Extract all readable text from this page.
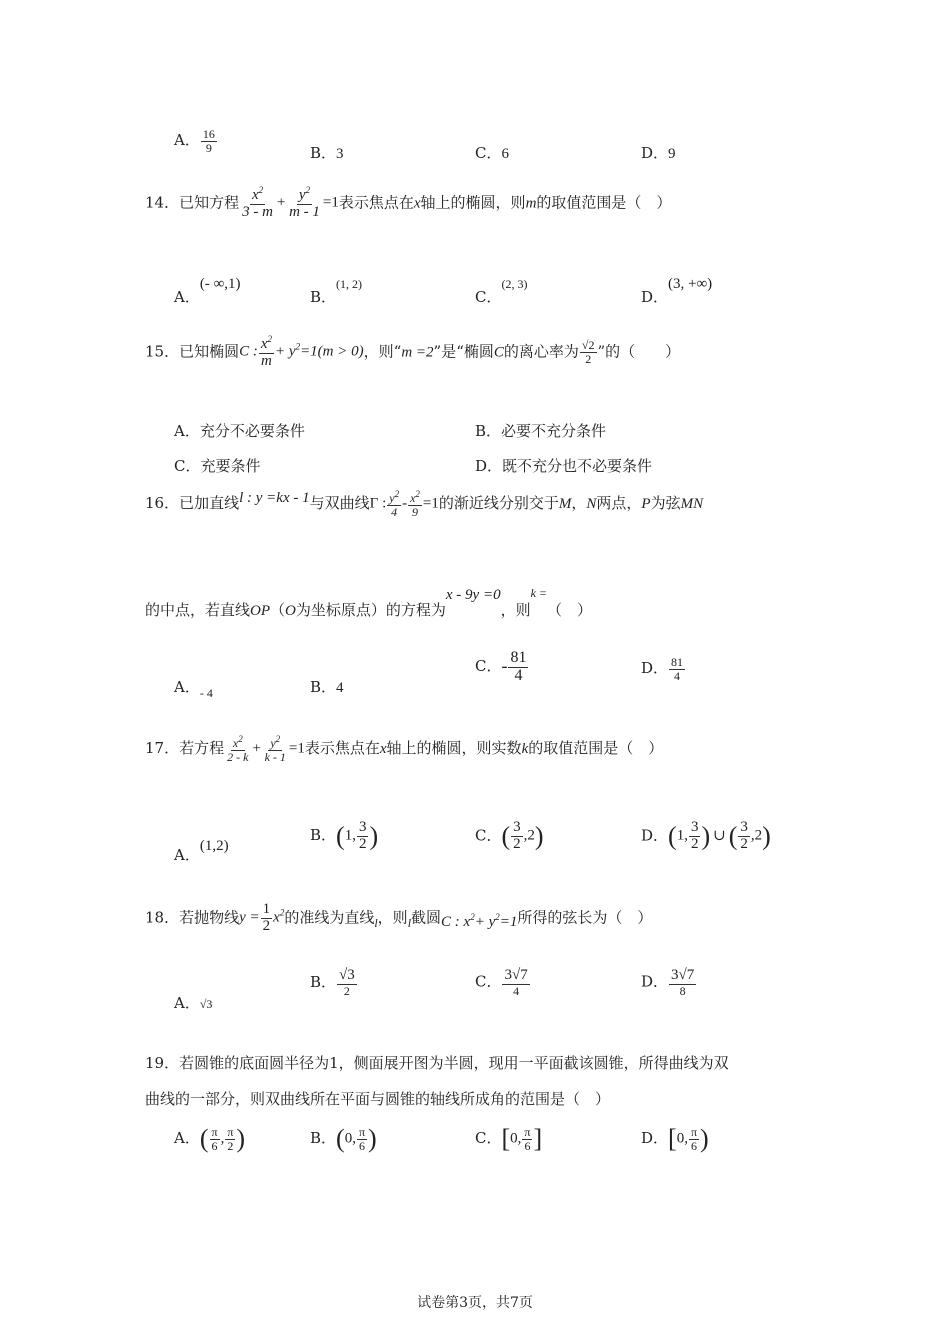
A． $\frac{16}{9}$	B．3	C．6	D．9
14．已知方程 $\frac{x^2}{3 - m} + \frac{y^2}{m - 1} =1$表示焦点在x轴上的椭圆，则m的取值范围是（　）
A．(- ∞,1)
B．(1, 2)
C．(2, 3)
D．(3, +∞)
15．已知椭圆C : $\frac{x^2}{m} + y^2=1(m > 0)$，则“m =2”是“椭圆C的离心率为 $\frac{√2}{2}$ ”的（　　）
A．充分不必要条件	B．必要不充分条件
C．充要条件	D．既不充分也不必要条件
16．已加直线l : y =kx - 1与双曲线Γ : $\frac{y^2}{4} - \frac{x^2}{9} =1$的渐近线分别交于M，N两点，P为弦MN
的中点，若直线OP（O为坐标原点）的方程为x - 9y =0，则k =（　）
A．$_{- 4}$	B．4
C．- $\frac{81}{4}$	D． $\frac{81}{4}$
17．若方程 $\frac{x^2}{2 - k} + \frac{y^2}{k - 1} =1$表示焦点在x轴上的椭圆，则实数k的取值范围是（　）
A．(1,2)
B．(1, $\frac{3}{2}$ )	C．( $\frac{3}{2} ,2$)	D．(1, $\frac{3}{2}$ ) ∪ ( $\frac{3}{2} ,2$)
18．若抛物线$y = \frac{1}{2} x^2$的准线为直线$_l$，则$_l$截圆C : $x^2+ y^2=1$所得的弦长为（　）
A．√3
B． $\frac{√3}{2}$	C． $\frac{3√7}{4}$	D． $\frac{3√7}{8}$
19．若圆锥的底面圆半径为1，侧面展开图为半圆，现用一平面截该圆锥，所得曲线为双
曲线的一部分，则双曲线所在平面与圆锥的轴线所成角的范围是（　）
A．( $\frac{\pi}{6}$ , $\frac{\pi}{2}$ )	B．(0, $\frac{\pi}{6}$ )	C．[0, $\frac{\pi}{6}$ ]	D．[0, $\frac{\pi}{6}$ )
试卷第3页，共7页
